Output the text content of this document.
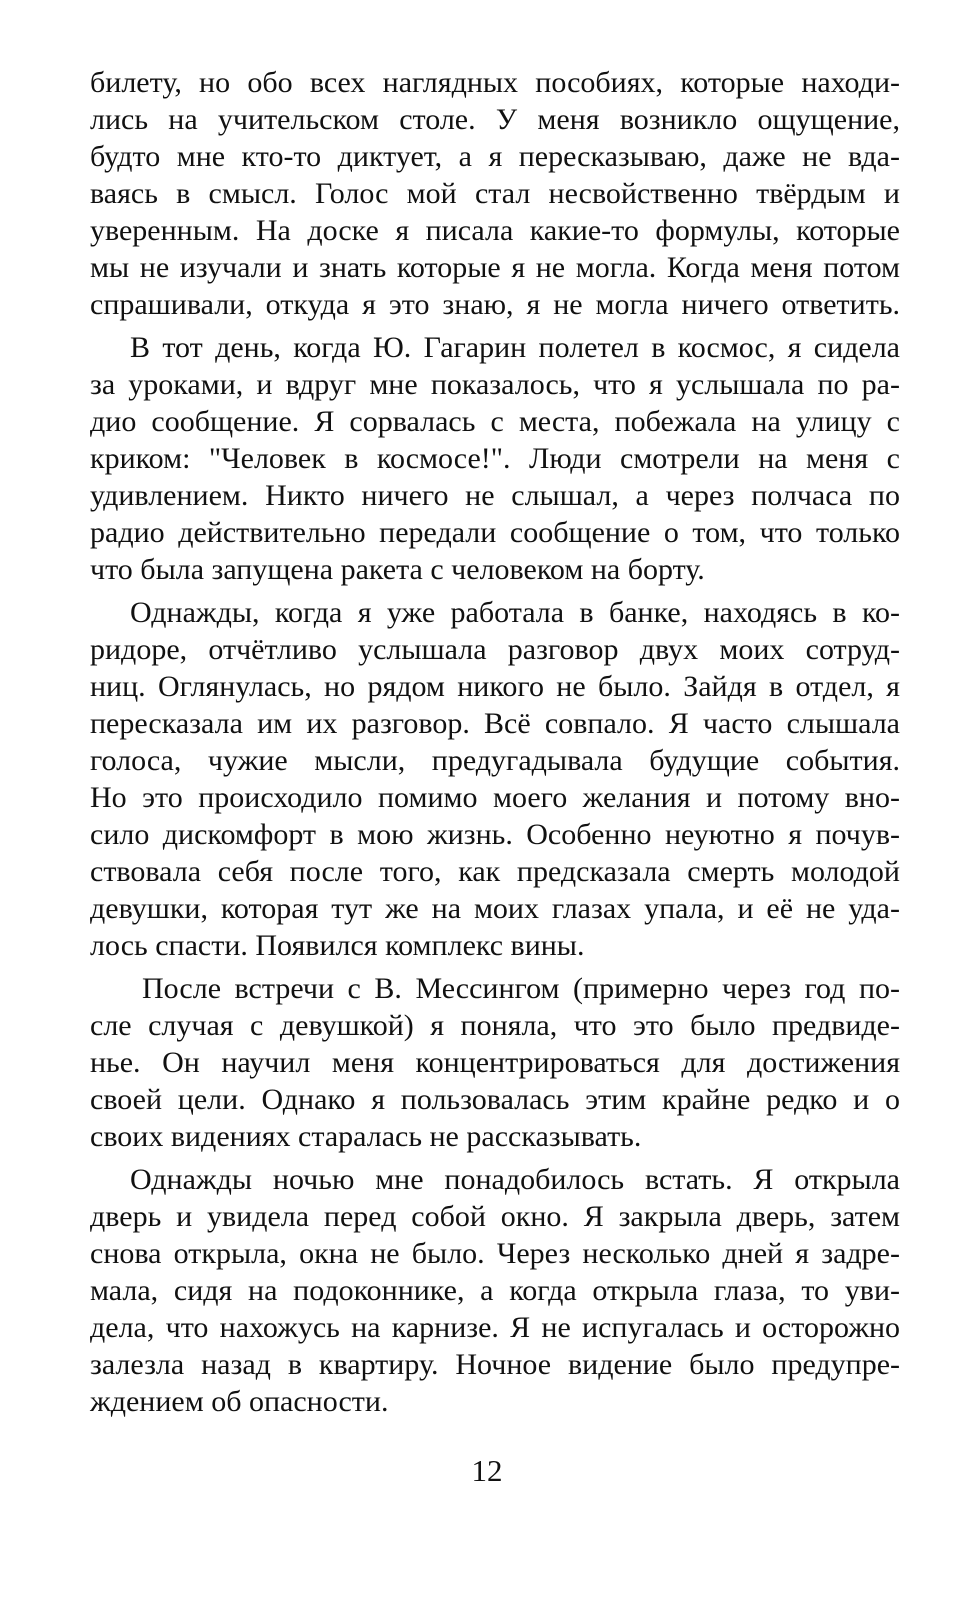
билету, но обо всех наглядных пособиях, которые находи-
лись на учительском столе. У меня возникло ощущение,
будто мне кто-то диктует, а я пересказываю, даже не вда-
ваясь в смысл. Голос мой стал несвойственно твёрдым и
уверенным. На доске я писала какие-то формулы, которые
мы не изучали и знать которые я не могла. Когда меня потом
спрашивали, откуда я это знаю, я не могла ничего ответить.
В тот день, когда Ю. Гагарин полетел в космос, я сидела
за уроками, и вдруг мне показалось, что я услышала по ра-
дио сообщение. Я сорвалась с места, побежала на улицу с
криком: "Человек в космосе!". Люди смотрели на меня с
удивлением. Никто ничего не слышал, а через полчаса по
радио действительно передали сообщение о том, что только
что была запущена ракета с человеком на борту.
Однажды, когда я уже работала в банке, находясь в ко-
ридоре, отчётливо услышала разговор двух моих сотруд-
ниц. Оглянулась, но рядом никого не было. Зайдя в отдел, я
пересказала им их разговор. Всё совпало. Я часто слышала
голоса, чужие мысли, предугадывала будущие события.
Но это происходило помимо моего желания и потому вно-
сило дискомфорт в мою жизнь. Особенно неуютно я почув-
ствовала себя после того, как предсказала смерть молодой
девушки, которая тут же на моих глазах упала, и её не уда-
лось спасти. Появился комплекс вины.
После встречи с В. Мессингом (примерно через год по-
сле случая с девушкой) я поняла, что это было предвиде-
нье. Он научил меня концентрироваться для достижения
своей цели. Однако я пользовалась этим крайне редко и о
своих видениях старалась не рассказывать.
Однажды ночью мне понадобилось встать. Я открыла
дверь и увидела перед собой окно. Я закрыла дверь, затем
снова открыла, окна не было. Через несколько дней я задре-
мала, сидя на подоконнике, а когда открыла глаза, то уви-
дела, что нахожусь на карнизе. Я не испугалась и осторожно
залезла назад в квартиру. Ночное видение было предупре-
ждением об опасности.
12
